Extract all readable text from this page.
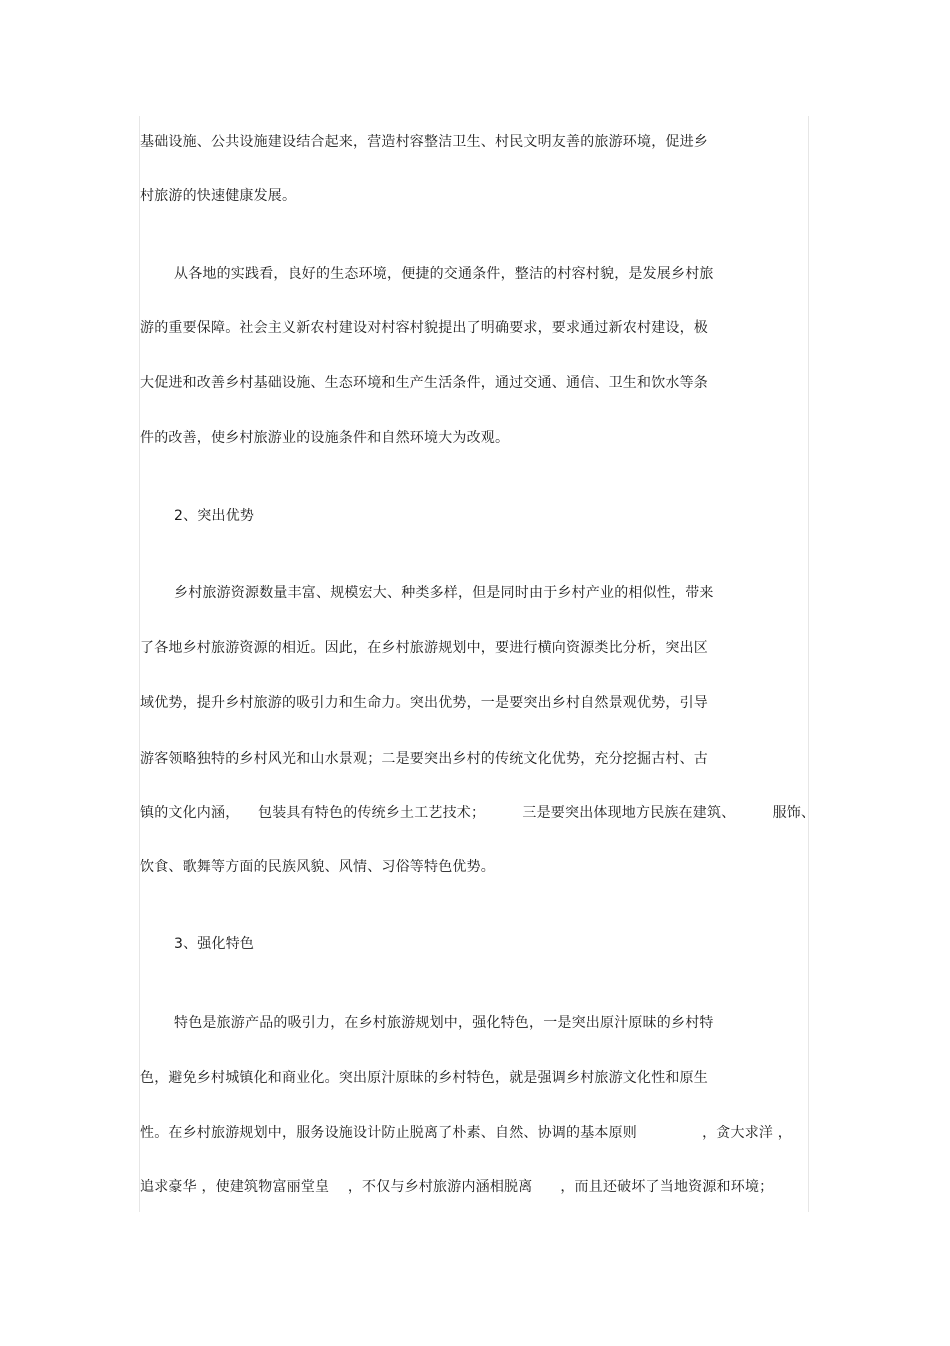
基础设施、公共设施建设结合起来，营造村容整洁卫生、村民文明友善的旅游环境，促进乡
村旅游的快速健康发展。
从各地的实践看，良好的生态环境，便捷的交通条件，整洁的村容村貌，是发展乡村旅
游的重要保障。社会主义新农村建设对村容村貌提出了明确要求，要求通过新农村建设，极
大促进和改善乡村基础设施、生态环境和生产生活条件，通过交通、通信、卫生和饮水等条
件的改善，使乡村旅游业的设施条件和自然环境大为改观。
2、突出优势
乡村旅游资源数量丰富、规模宏大、种类多样，但是同时由于乡村产业的相似性，带来
了各地乡村旅游资源的相近。因此，在乡村旅游规划中，要进行横向资源类比分析，突出区
域优势，提升乡村旅游的吸引力和生命力。突出优势，一是要突出乡村自然景观优势，引导
游客领略独特的乡村风光和山水景观；二是要突出乡村的传统文化优势，充分挖掘古村、古
镇的文化内涵，    包装具有特色的传统乡土工艺技术；        三是要突出体现地方民族在建筑、        服饰、
饮食、歌舞等方面的民族风貌、风情、习俗等特色优势。
3、强化特色
特色是旅游产品的吸引力，在乡村旅游规划中，强化特色，一是突出原汁原昧的乡村特
色，避免乡村城镇化和商业化。突出原汁原昧的乡村特色，就是强调乡村旅游文化性和原生
性。在乡村旅游规划中，服务设施设计防止脱离了朴素、自然、协调的基本原则              ，贪大求洋 ，
追求豪华 ，使建筑物富丽堂皇    ，不仅与乡村旅游内涵相脱离      ，而且还破坏了当地资源和环境；
